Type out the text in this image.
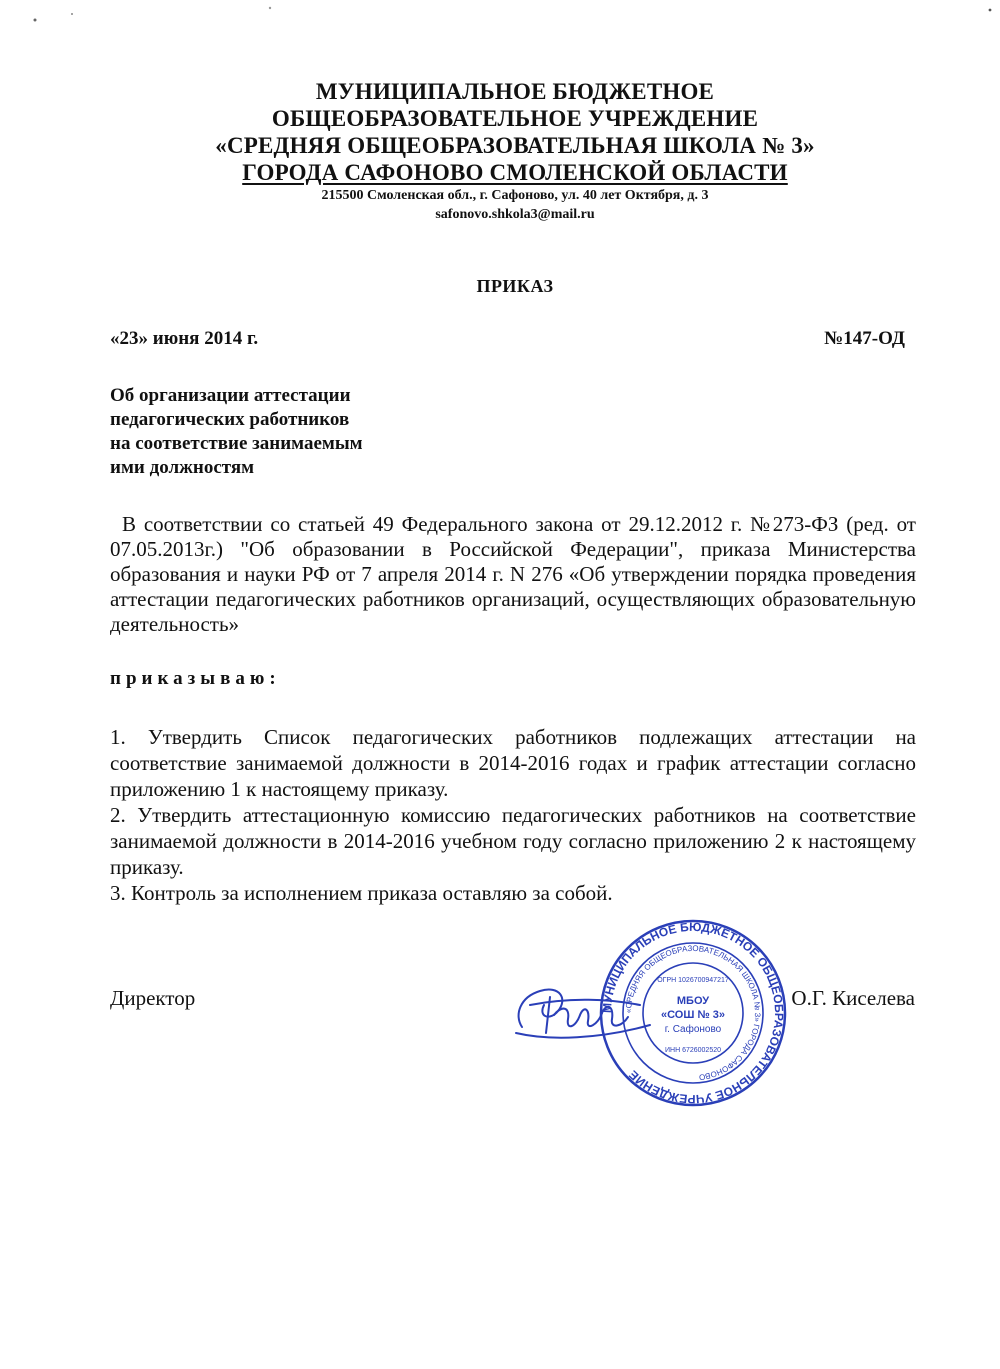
МУНИЦИПАЛЬНОЕ БЮДЖЕТНОЕ
ОБЩЕОБРАЗОВАТЕЛЬНОЕ УЧРЕЖДЕНИЕ
«СРЕДНЯЯ ОБЩЕОБРАЗОВАТЕЛЬНАЯ ШКОЛА № 3»
ГОРОДА САФОНОВО СМОЛЕНСКОЙ ОБЛАСТИ
215500 Смоленская обл., г. Сафоново, ул. 40 лет Октября, д. 3
safonovo.shkola3@mail.ru
ПРИКАЗ
«23» июня 2014 г.	№147-ОД
Об организации аттестации
педагогических работников
на соответствие занимаемым
ими должностям
В соответствии со статьей 49 Федерального закона от 29.12.2012 г. №273-ФЗ (ред. от 07.05.2013г.) "Об образовании в Российской Федерации", приказа Министерства образования и науки РФ от 7 апреля 2014 г. N 276 «Об утверждении порядка проведения аттестации педагогических работников организаций, осуществляющих образовательную деятельность»
приказываю:

1. Утвердить Список педагогических работников подлежащих аттестации на соответствие занимаемой должности в 2014-2016 годах и график аттестации согласно приложению 1 к настоящему приказу.

2. Утвердить аттестационную комиссию педагогических работников на соответствие занимаемой должности в 2014-2016 учебном году согласно приложению 2 к настоящему приказу.

3. Контроль за исполнением приказа оставляю за собой.

Директор	О.Г. Киселева
МУНИЦИПАЛЬНОЕ БЮДЖЕТНОЕ ОБЩЕОБРАЗОВАТЕЛЬНОЕ УЧРЕЖДЕНИЕ
«СРЕДНЯЯ ОБЩЕОБРАЗОВАТЕЛЬНАЯ ШКОЛА № 3» ГОРОДА САФОНОВО
ОГРН 1026700947217
ИНН 6726002520
МБОУ
«СОШ № 3»
г. Сафоново
